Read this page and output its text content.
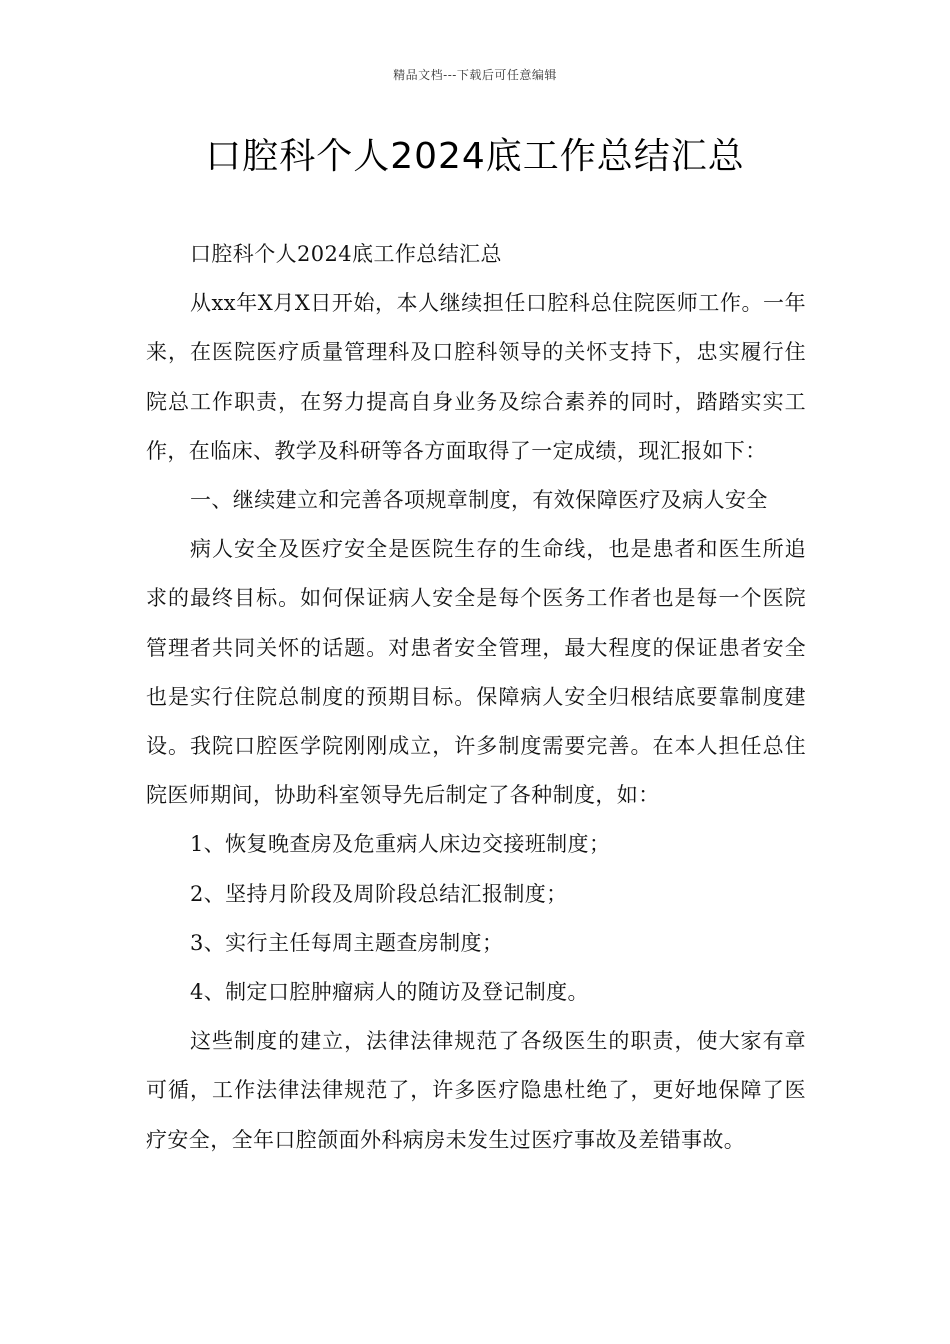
精品文档---下载后可任意编辑
口腔科个人2024底工作总结汇总

口腔科个人2024底工作总结汇总

从xx年X月X日开始，本人继续担任口腔科总住院医师工作。一年来，在医院医疗质量管理科及口腔科领导的关怀支持下，忠实履行住院总工作职责，在努力提高自身业务及综合素养的同时，踏踏实实工作，在临床、教学及科研等各方面取得了一定成绩，现汇报如下：

一、继续建立和完善各项规章制度，有效保障医疗及病人安全

病人安全及医疗安全是医院生存的生命线，也是患者和医生所追求的最终目标。如何保证病人安全是每个医务工作者也是每一个医院管理者共同关怀的话题。对患者安全管理，最大程度的保证患者安全也是实行住院总制度的预期目标。保障病人安全归根结底要靠制度建设。我院口腔医学院刚刚成立，许多制度需要完善。在本人担任总住院医师期间，协助科室领导先后制定了各种制度，如：

1、恢复晚查房及危重病人床边交接班制度；

2、坚持月阶段及周阶段总结汇报制度；

3、实行主任每周主题查房制度；

4、制定口腔肿瘤病人的随访及登记制度。

这些制度的建立，法律法律规范了各级医生的职责，使大家有章可循，工作法律法律规范了，许多医疗隐患杜绝了，更好地保障了医疗安全，全年口腔颌面外科病房未发生过医疗事故及差错事故。
